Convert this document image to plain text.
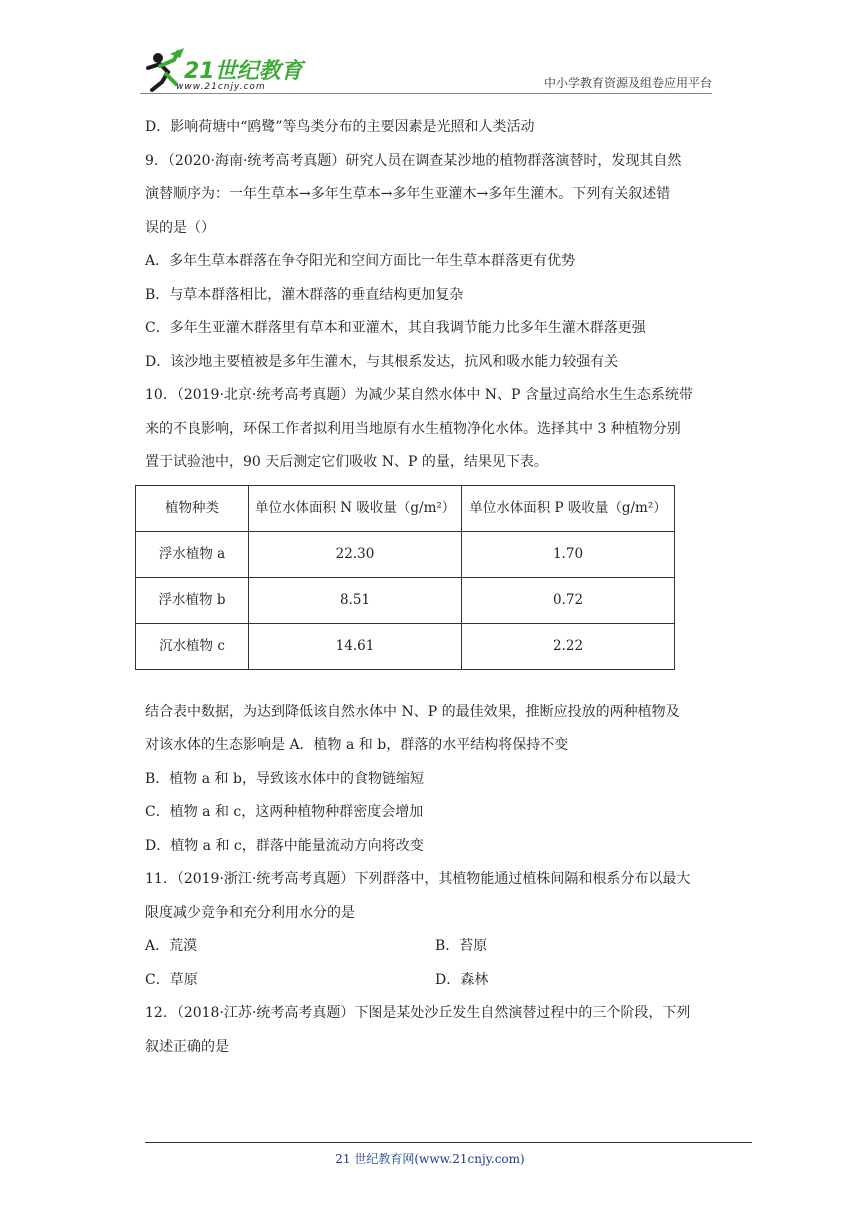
21世纪教育
www.21cnjy.com	中小学教育资源及组卷应用平台

D．影响荷塘中“鸥鹭”等鸟类分布的主要因素是光照和人类活动

9．（2020·海南·统考高考真题）研究人员在调查某沙地的植物群落演替时，发现其自然

演替顺序为：一年生草本→多年生草本→多年生亚灌木→多年生灌木。下列有关叙述错

误的是（）

A．多年生草本群落在争夺阳光和空间方面比一年生草本群落更有优势

B．与草本群落相比，灌木群落的垂直结构更加复杂

C．多年生亚灌木群落里有草本和亚灌木，其自我调节能力比多年生灌木群落更强

D．该沙地主要植被是多年生灌木，与其根系发达，抗风和吸水能力较强有关

10．（2019·北京·统考高考真题）为减少某自然水体中 N、P 含量过高给水生生态系统带

来的不良影响，环保工作者拟利用当地原有水生植物净化水体。选择其中 3 种植物分别

置于试验池中，90 天后测定它们吸收 N、P 的量，结果见下表。

植物种类	单位水体面积 N 吸收量（g/m²）	单位水体面积 P 吸收量（g/m²）
浮水植物 a	22.30	1.70
浮水植物 b	8.51	0.72
沉水植物 c	14.61	2.22

结合表中数据，为达到降低该自然水体中 N、P 的最佳效果，推断应投放的两种植物及

对该水体的生态影响是 A．植物 a 和 b，群落的水平结构将保持不变

B．植物 a 和 b，导致该水体中的食物链缩短

C．植物 a 和 c，这两种植物种群密度会增加

D．植物 a 和 c，群落中能量流动方向将改变

11．（2019·浙江·统考高考真题）下列群落中，其植物能通过植株间隔和根系分布以最大

限度减少竞争和充分利用水分的是

A．荒漠	B．苔原
C．草原	D．森林

12．（2018·江苏·统考高考真题）下图是某处沙丘发生自然演替过程中的三个阶段，下列

叙述正确的是

21 世纪教育网(www.21cnjy.com)
